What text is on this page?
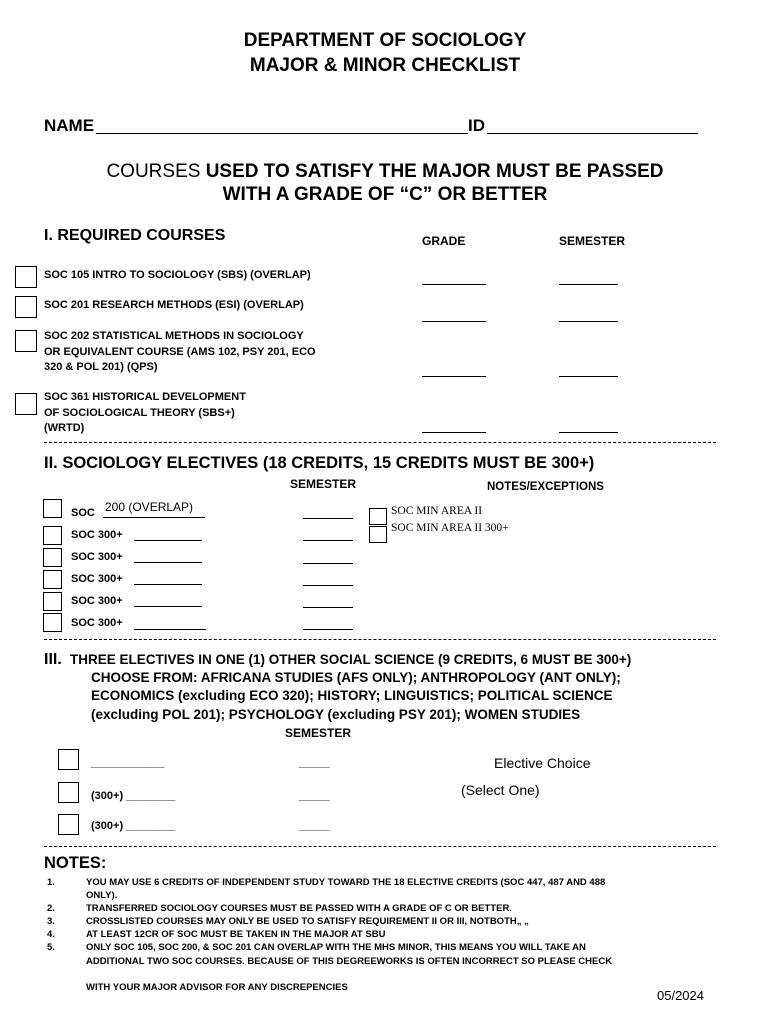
DEPARTMENT OF SOCIOLOGY
MAJOR & MINOR CHECKLIST
NAME	ID
COURSES USED TO SATISFY THE MAJOR MUST BE PASSED
WITH A GRADE OF “C” OR BETTER
I. REQUIRED COURSES	GRADE	SEMESTER
SOC 105 INTRO TO SOCIOLOGY (SBS) (OVERLAP)
SOC 201 RESEARCH METHODS (ESI) (OVERLAP)
SOC 202 STATISTICAL METHODS IN SOCIOLOGY
OR EQUIVALENT COURSE (AMS 102, PSY 201, ECO
320 & POL 201) (QPS)
SOC 361 HISTORICAL DEVELOPMENT
OF SOCIOLOGICAL THEORY (SBS+)
(WRTD)
II. SOCIOLOGY ELECTIVES (18 CREDITS, 15 CREDITS MUST BE 300+)
SEMESTER	NOTES/EXCEPTIONS
SOC 200 (OVERLAP)
SOC 300+
SOC 300+
SOC 300+
SOC 300+
SOC 300+
SOC MIN AREA II
SOC MIN AREA II 300+
III. THREE ELECTIVES IN ONE (1) OTHER SOCIAL SCIENCE (9 CREDITS, 6 MUST BE 300+)
CHOOSE FROM: AFRICANA STUDIES (AFS ONLY); ANTHROPOLOGY (ANT ONLY);
ECONOMICS (excluding ECO 320); HISTORY; LINGUISTICS; POLITICAL SCIENCE
(excluding POL 201); PSYCHOLOGY (excluding PSY 201); WOMEN STUDIES
SEMESTER
____________	_____	Elective Choice
(300+) ________	_____	(Select One)
(300+) ________	_____
NOTES:
1.	YOU MAY USE 6 CREDITS OF INDEPENDENT STUDY TOWARD THE 18 ELECTIVE CREDITS (SOC 447, 487 AND 488
ONLY).
2.	TRANSFERRED SOCIOLOGY COURSES MUST BE PASSED WITH A GRADE OF C OR BETTER.
3.	CROSSLISTED COURSES MAY ONLY BE USED TO SATISFY REQUIREMENT II OR III, NOTBOTH„ „
4.	AT LEAST 12CR OF SOC MUST BE TAKEN IN THE MAJOR AT SBU
5.	ONLY SOC 105, SOC 200, & SOC 201 CAN OVERLAP WITH THE MHS MINOR, THIS MEANS YOU WILL TAKE AN
ADDITIONAL TWO SOC COURSES. BECAUSE OF THIS DEGREEWORKS IS OFTEN INCORRECT SO PLEASE CHECK
WITH YOUR MAJOR ADVISOR FOR ANY DISCREPENCIES
05/2024
